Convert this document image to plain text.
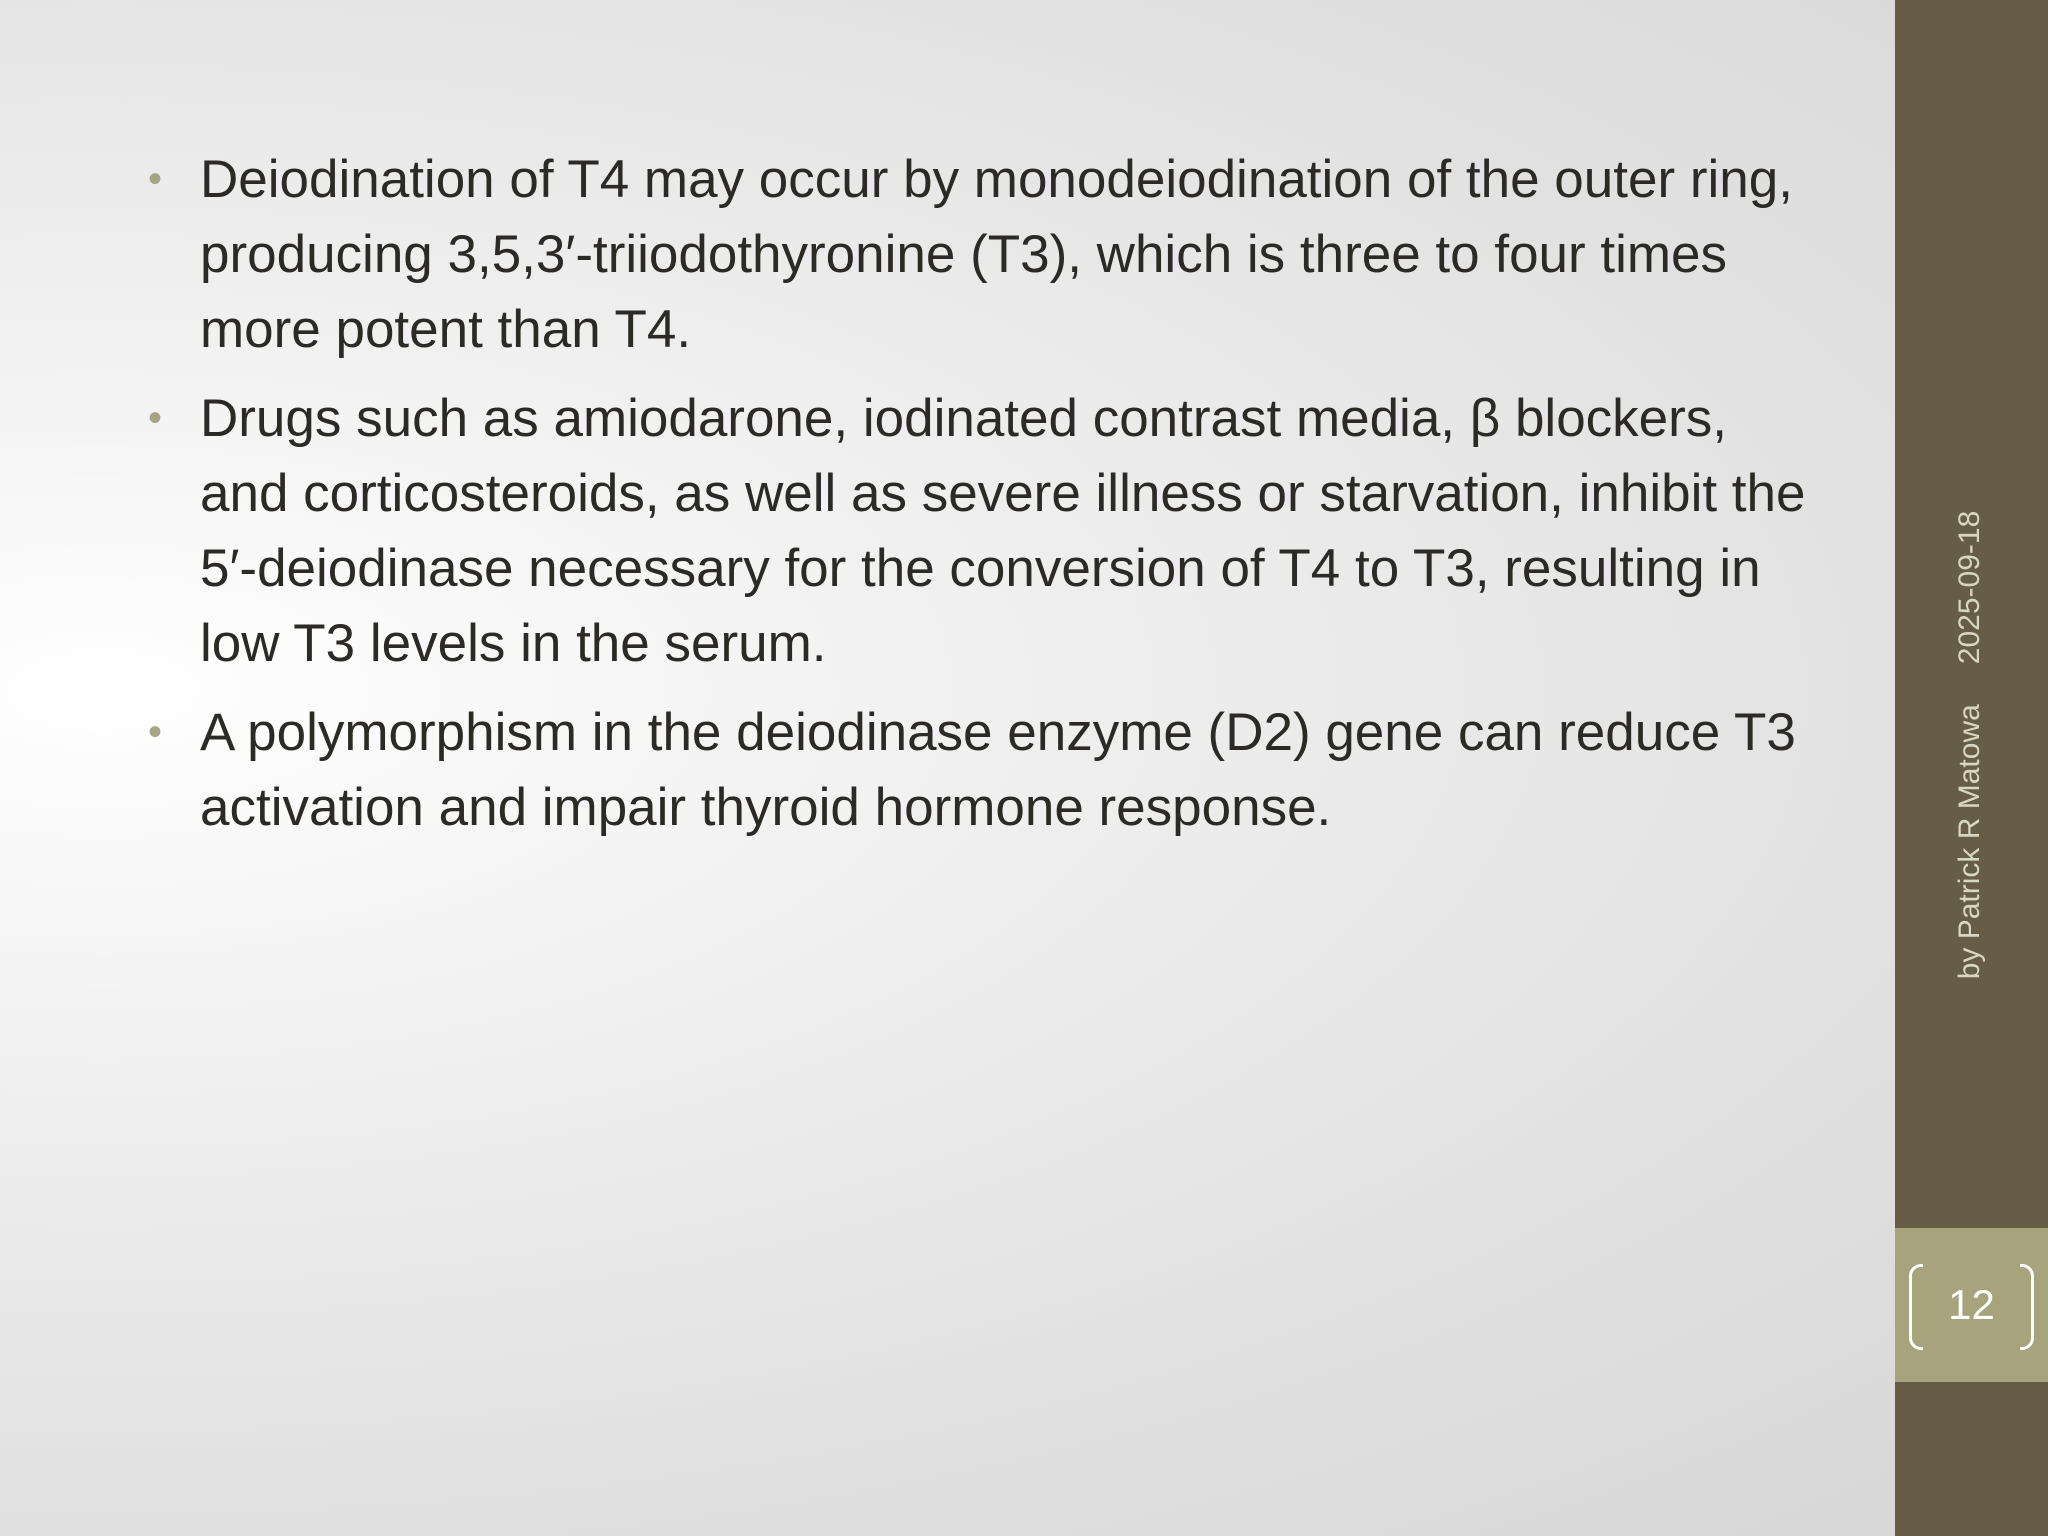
• Deiodination of T4 may occur by monodeiodination of the outer ring, producing 3,5,3′-triiodothyronine (T3), which is three to four times more potent than T4.
• Drugs such as amiodarone, iodinated contrast media, β blockers, and corticosteroids, as well as severe illness or starvation, inhibit the 5′-deiodinase necessary for the conversion of T4 to T3, resulting in low T3 levels in the serum.
• A polymorphism in the deiodinase enzyme (D2) gene can reduce T3 activation and impair thyroid hormone response.	by Patrick R Matowa2025-09-18
12
